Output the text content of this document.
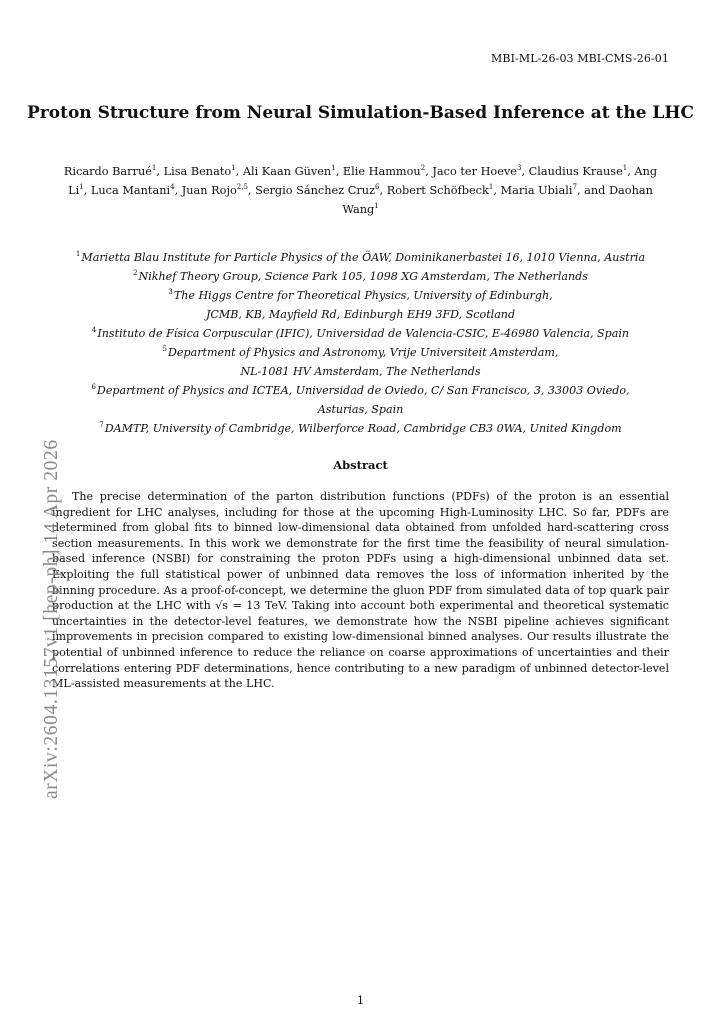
MBI-ML-26-03 MBI-CMS-26-01
Proton Structure from Neural Simulation-Based Inference at the LHC
Ricardo Barrué$^1$, Lisa Benato$^1$, Ali Kaan Güven$^1$, Elie Hammou$^2$, Jaco ter Hoeve$^3$, Claudius Krause$^1$, Ang Li$^1$, Luca Mantani$^4$, Juan Rojo$^{2,5}$, Sergio Sánchez Cruz$^6$, Robert Schöfbeck$^1$, Maria Ubiali$^7$, and Daohan Wang$^1$
$^1$Marietta Blau Institute for Particle Physics of the ÖAW, Dominikanerbastei 16, 1010 Vienna, Austria
$^2$Nikhef Theory Group, Science Park 105, 1098 XG Amsterdam, The Netherlands
$^3$The Higgs Centre for Theoretical Physics, University of Edinburgh,
JCMB, KB, Mayfield Rd, Edinburgh EH9 3FD, Scotland
$^4$Instituto de Física Corpuscular (IFIC), Universidad de Valencia-CSIC, E-46980 Valencia, Spain
$^5$Department of Physics and Astronomy, Vrije Universiteit Amsterdam,
NL-1081 HV Amsterdam, The Netherlands
$^6$Department of Physics and ICTEA, Universidad de Oviedo, C/ San Francisco, 3, 33003 Oviedo,
Asturias, Spain
$^7$DAMTP, University of Cambridge, Wilberforce Road, Cambridge CB3 0WA, United Kingdom
Abstract
The precise determination of the parton distribution functions (PDFs) of the proton is an essential ingredient for LHC analyses, including for those at the upcoming High-Luminosity LHC. So far, PDFs are determined from global fits to binned low-dimensional data obtained from unfolded hard-scattering cross section measurements. In this work we demonstrate for the first time the feasibility of neural simulation-based inference (NSBI) for constraining the proton PDFs using a high-dimensional unbinned data set. Exploiting the full statistical power of unbinned data removes the loss of information inherited by the binning procedure. As a proof-of-concept, we determine the gluon PDF from simulated data of top quark pair production at the LHC with √s = 13 TeV. Taking into account both experimental and theoretical systematic uncertainties in the detector-level features, we demonstrate how the NSBI pipeline achieves significant improvements in precision compared to existing low-dimensional binned analyses. Our results illustrate the potential of unbinned inference to reduce the reliance on coarse approximations of uncertainties and their correlations entering PDF determinations, hence contributing to a new paradigm of unbinned detector-level ML-assisted measurements at the LHC.
arXiv:2604.13157v1 [hep-ph] 14 Apr 2026
1
